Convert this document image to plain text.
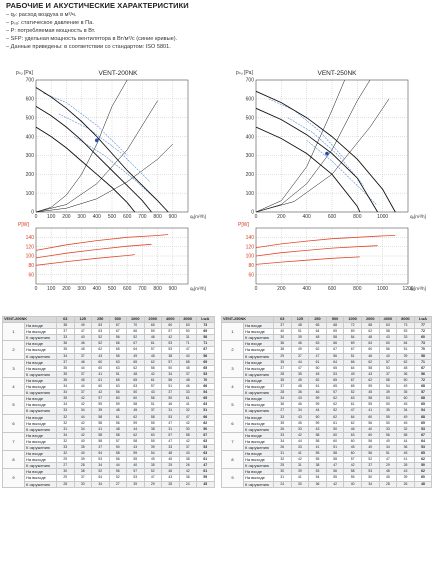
РАБОЧИЕ И АКУСТИЧЕСКИЕ ХАРАКТЕРИСТИКИ
– qᵥ: расход воздуха в м³/ч.
– pₛᵤ: статическое давление в Па.
– P: потребляемая мощность в Вт.
– SFP: удельная мощность вентилятора в Вт/м³/с (синие кривые).
– Данные приведены: в соответствии со стандартом: ISO 5801.
VENT-200NK	VENT-250NK
0 100 200 300 400 500 600 700 800 900
0
100
200
300
400
500
600
700
pₛᵤ [Pa]
qᵥ[m³/h]
0 100 200 300 400 500 600 700 800 900
60
80
100
120
140
P[W]
qᵥ[m³/h]
0	200	400	600	800	1000
0
100
200
300
400
500
600
700
pₛᵤ [Pa]
qᵥ[m³/h]
0	200	400	600	800	1000	1200
60
80
100
120
140
P[W]
qᵥ[m³/h]
VENT-200NK		63	125	250	500	1000	2000	4000	8000	LwA
1	На входе	38	49	63	67	70	65	60	63	73
	На выходе	37	47	63	67	66	59	57	50	69
	К окружению	33	40	52	56	52	46	42	31	58
2	На входе	36	46	62	66	67	61	53	71	71
	На выходе	35	45	62	65	64	57	53	47	67
	К окружению	34	37	43	55	49	45	38	40	56
3	На входе	37	46	60	63	65	62	57	68	69
	На выходе	35	44	60	63	62	56	50	45	65
	К окружению	35	37	41	51	48	42	34	37	53
4	На входе	35	45	61	65	65	61	56	48	70
	На выходе	34	44	60	63	63	57	51	46	66
	К окружению	34	37	42	56	50	43	37	33	54
5	На входе	35	42	57	60	60	56	50	61	65
	На выходе	34	42	59	59	58	51	46	41	63
	К окружению	33	34	39	48	45	37	31	32	51
6	На входе	32	44	58	61	62	58	53	47	66
	На выходе	32	42	58	56	59	55	47	42	62
	К окружению	31	34	41	48	44	38	31	30	50
7	На входе	34	42	58	58	62	60	57	58	67
	На выходе	32	40	58	57	58	55	47	42	63
	К окружению	33	35	37	50	43	39	33	37	53
8	На входе	32	40	54	58	59	54	48	43	63
	На выходе	29	39	53	56	55	49	45	38	61
	К окружению	27	28	34	44	40	35	25	26	47
9	На входе	30	38	52	56	57	52	46	42	61
	На выходе	29	37	54	52	53	47	43	36	59
	К окружению	28	30	34	27	39	29	28	24	45
VENT-250NK		63	125	250	500	1000	2000	4000	8000	LwA
1	На входе	37	48	65	68	72	68	63	73	77
	На выходе	40	51	64	69	69	62	58	53	72
	К окружению	30	39	48	58	54	48	43	33	60
2	На входе	36	46	63	66	69	64	60	64	73
	На выходе	38	49	62	67	67	60	56	51	70
	К окружению	29	37	47	56	51	46	40	39	58
3	На входе	35	44	61	64	66	62	57	62	71
	На выходе	37	47	60	65	64	58	53	48	67
	К окружению	28	35	45	53	49	43	37	36	56
4	На входе	35	45	62	65	67	62	58	50	72
	На выходе	37	48	61	65	65	59	54	49	68
	К окружению	28	36	46	57	52	45	39	35	57
5	На входе	34	43	59	62	63	58	53	60	68
	На выходе	36	46	59	62	61	55	50	45	65
	К окружению	27	34	44	52	47	41	35	34	54
6	На входе	33	43	60	62	64	60	55	49	68
	На выходе	35	45	59	61	62	56	50	45	65
	К окружению	26	33	43	50	46	40	33	32	53
7	На входе	33	42	58	60	63	60	56	58	67
	На выходе	34	44	58	60	60	56	49	44	64
	К окружению	26	33	41	51	45	40	34	36	53
8	На входе	31	41	55	58	60	56	51	45	65
	На выходе	32	42	55	58	57	52	47	41	62
	К окружению	25	31	38	47	42	37	29	28	50
9	На входе	30	39	53	56	58	53	48	43	62
	На выходе	31	41	54	55	55	50	45	39	60
	К окружению	24	30	36	42	40	34	28	26	48
